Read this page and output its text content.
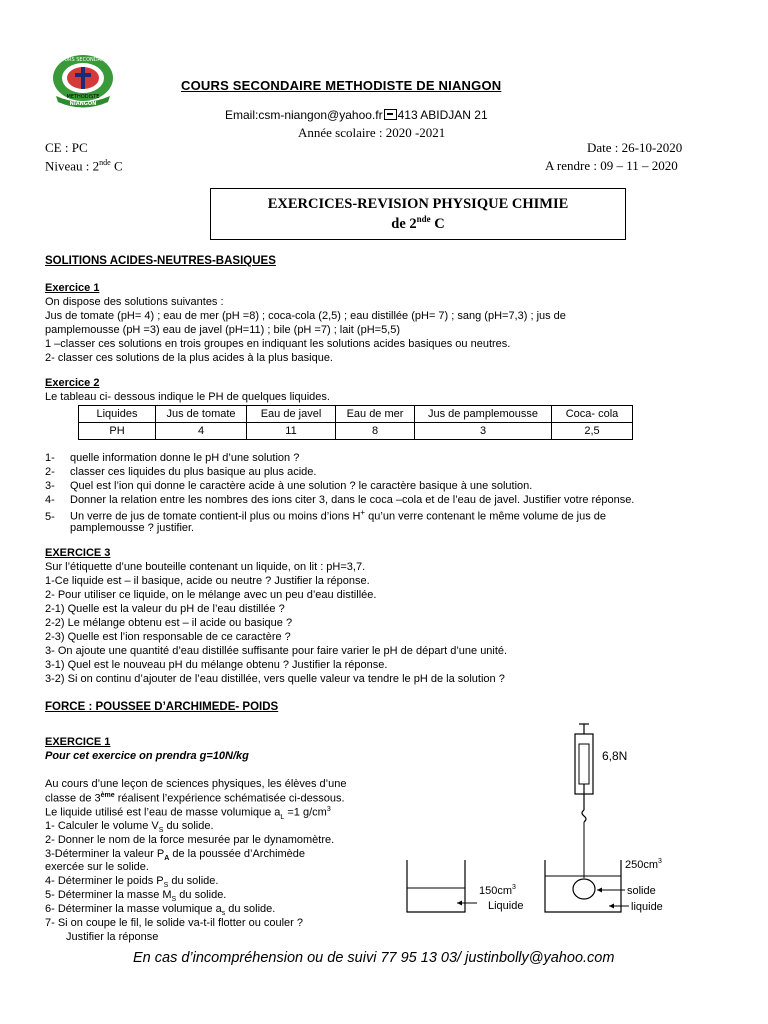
COURS SECONDAIRE
METHODISTE
NIANGON
COURS SECONDAIRE METHODISTE DE NIANGON
Email:csm-niangon@yahoo.fr 413 ABIDJAN 21
Année scolaire : 2020 -2021
CE : PC
Niveau : 2nde C
Date : 26-10-2020
A rendre : 09 – 11 – 2020
EXERCICES-REVISION PHYSIQUE CHIMIE
de 2nde C
SOLITIONS ACIDES-NEUTRES-BASIQUES
Exercice 1
On dispose des solutions suivantes :
Jus de tomate (pH= 4) ; eau de mer (pH =8) ; coca-cola (2,5) ; eau distillée (pH= 7) ; sang (pH=7,3) ; jus de
pamplemousse (pH =3) eau de javel (pH=11) ; bile (pH =7) ; lait (pH=5,5)
1 –classer ces solutions en trois groupes en indiquant les solutions acides basiques ou neutres.
2- classer ces solutions de la plus acides à la plus basique.
Exercice 2
Le tableau ci- dessous indique le PH de quelques liquides.
Liquides	Jus de tomate	Eau de javel	Eau de mer	Jus de pamplemousse	Coca- cola
PH	4	11	8	3	2,5
1- quelle information donne le pH d’une solution ?
2- classer ces liquides du plus basique au plus acide.
3- Quel est l’ion qui donne le caractère acide à une solution ? le caractère basique à une solution.
4- Donner la relation entre les nombres des ions citer 3, dans le coca –cola et de l’eau de javel. Justifier votre réponse.
5- Un verre de jus de tomate contient-il plus ou moins d’ions H+ qu’un verre contenant le même volume de jus de
pamplemousse ? justifier.
EXERCICE 3
Sur l’étiquette d’une bouteille contenant un liquide, on lit : pH=3,7.
1-Ce liquide est – il basique, acide ou neutre ? Justifier la réponse.
2- Pour utiliser ce liquide, on le mélange avec un peu d’eau distillée.
2-1) Quelle est la valeur du pH de l’eau distillée ?
2-2) Le mélange obtenu est – il acide ou basique ?
2-3) Quelle est l’ion responsable de ce caractère ?
3- On ajoute une quantité d’eau distillée suffisante pour faire varier le pH de départ d’une unité.
3-1) Quel est le nouveau pH du mélange obtenu ? Justifier la réponse.
3-2) Si on continu d’ajouter de l’eau distillée, vers quelle valeur va tendre le pH de la solution ?
FORCE : POUSSEE D’ARCHIMEDE- POIDS
EXERCICE 1
Pour cet exercice on prendra g=10N/kg
Au cours d’une leçon de sciences physiques, les élèves d’une
classe de 3ème réalisent l’expérience schématisée ci-dessous.
Le liquide utilisé est l’eau de masse volumique $a_L =1$ $g/cm^3$
1- Calculer le volume $V_S$ du solide.
2- Donner le nom de la force mesurée par le dynamomètre.
3-Déterminer la valeur $P_A$ de la poussée d’Archimède
exercée sur le solide.
4- Déterminer le poids $P_S$ du solide.
5- Déterminer la masse $M_S$ du solide.
6- Déterminer la masse volumique $a_s$ du solide.
7- Si on coupe le fil, le solide va-t-il flotter ou couler ?
Justifier la réponse
6,8N
$150cm^3$
Liquide
$250cm^3$
solide
liquide
En cas d’incompréhension ou de suivi 77 95 13 03/ justinbolly@yahoo.com
